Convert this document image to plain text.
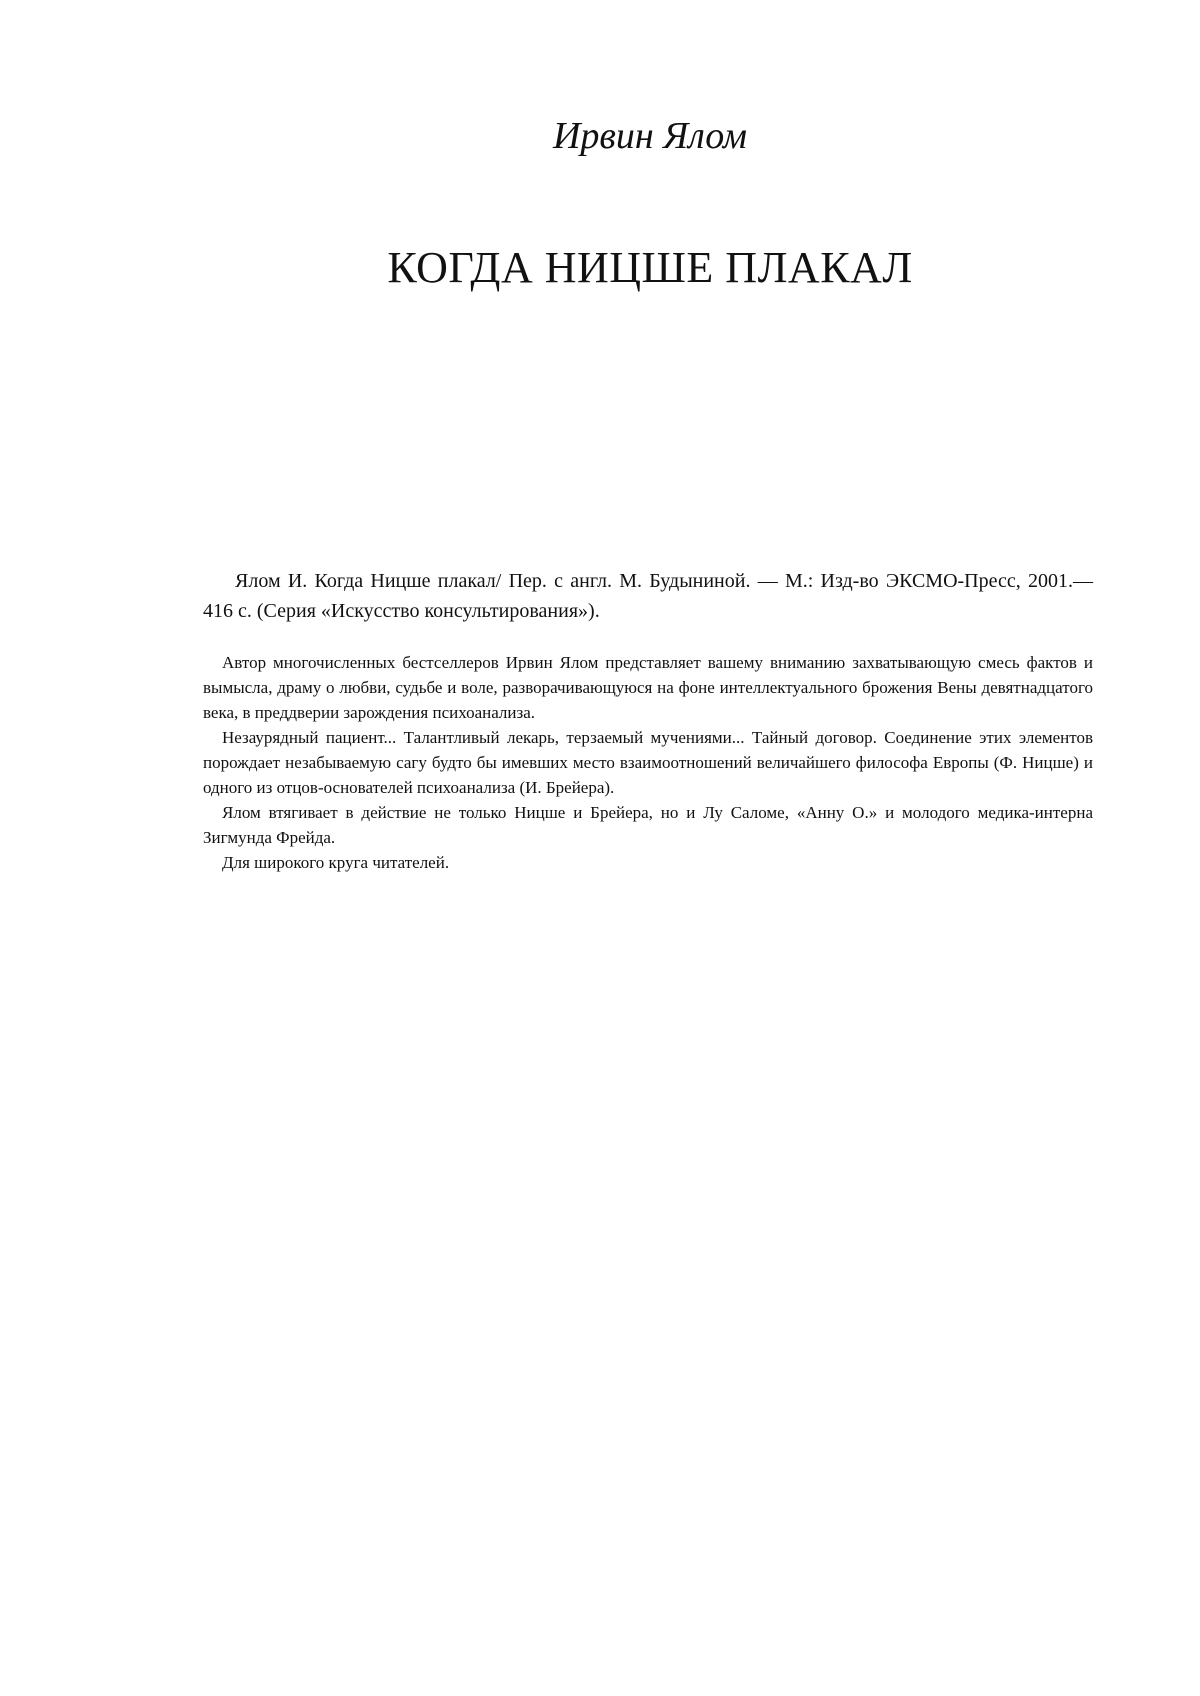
Ирвин Ялом
КОГДА НИЦШЕ ПЛАКАЛ

Ялом И. Когда Ницше плакал/ Пер. с англ. М. Будыниной. — М.: Изд-во ЭКСМО-Пресс, 2001.— 416 с. (Серия «Искусство консультирования»).

Автор многочисленных бестселлеров Ирвин Ялом представляет вашему вниманию захватывающую смесь фактов и вымысла, драму о любви, судьбе и воле, разворачивающуюся на фоне интеллектуального брожения Вены девятнадцатого века, в преддверии зарождения психоанализа.

Незаурядный пациент... Талантливый лекарь, терзаемый мучениями... Тайный договор. Соединение этих элементов порождает незабываемую сагу будто бы имевших место взаимоотношений величайшего философа Европы (Ф. Ницше) и одного из отцов-основателей психоанализа (И. Брейера).

Ялом втягивает в действие не только Ницше и Брейера, но и Лу Саломе, «Анну О.» и молодого медика-интерна Зигмунда Фрейда.

Для широкого круга читателей.
